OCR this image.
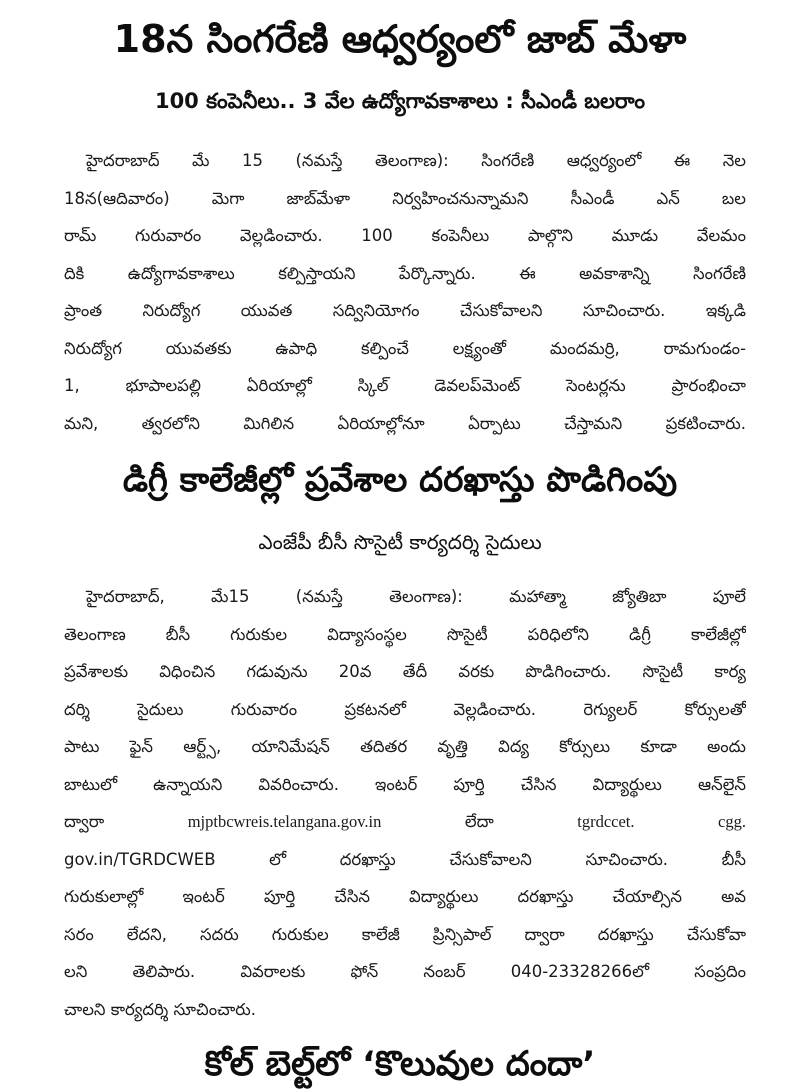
18న సింగరేణి ఆధ్వర్యంలో జాబ్ మేళా
100 కంపెనీలు.. 3 వేల ఉద్యోగావకాశాలు : సీఎండీ బలరాం
హైదరాబాద్ మే 15 (నమస్తే తెలంగాణ): సింగరేణి ఆధ్వర్యంలో ఈ నెల
18న(ఆదివారం) మెగా జాబ్‌మేళా నిర్వహించనున్నామని సీఎండీ ఎన్ బల
రామ్ గురువారం వెల్లడించారు. 100 కంపెనీలు పాల్గొని మూడు వేలమం
దికి ఉద్యోగావకాశాలు కల్పిస్తాయని పేర్కొన్నారు. ఈ అవకాశాన్ని సింగరేణి
ప్రాంత నిరుద్యోగ యువత సద్వినియోగం చేసుకోవాలని సూచించారు. ఇక్కడి
నిరుద్యోగ యువతకు ఉపాధి కల్పించే లక్ష్యంతో మందమర్రి, రామగుండం-
1, భూపాలపల్లి ఏరియాల్లో స్కిల్ డెవలప్‌మెంట్ సెంటర్లను ప్రారంభించా
మని, త్వరలోని మిగిలిన ఏరియాల్లోనూ ఏర్పాటు చేస్తామని ప్రకటించారు.
డిగ్రీ కాలేజీల్లో ప్రవేశాల దరఖాస్తు పొడిగింపు
ఎంజేపీ బీసీ సొసైటీ కార్యదర్శి సైదులు
హైదరాబాద్, మే15 (నమస్తే తెలంగాణ): మహాత్మా జ్యోతిబా పూలే
తెలంగాణ బీసీ గురుకుల విద్యాసంస్థల సొసైటీ పరిధిలోని డిగ్రీ కాలేజీల్లో
ప్రవేశాలకు విధించిన గడువును 20వ తేదీ వరకు పొడిగించారు. సొసైటీ కార్య
దర్శి సైదులు గురువారం ప్రకటనలో వెల్లడించారు. రెగ్యులర్ కోర్సులతో
పాటు ఫైన్ ఆర్ట్స్, యానిమేషన్ తదితర వృత్తి విద్య కోర్సులు కూడా అందు
బాటులో ఉన్నాయని వివరించారు. ఇంటర్ పూర్తి చేసిన విద్యార్థులు ఆన్‌లైన్
ద్వారా mjptbcwreis.telangana.gov.in లేదా tgrdccet. cgg.
gov.in/TGRDCWEB లో దరఖాస్తు చేసుకోవాలని సూచించారు. బీసీ
గురుకులాల్లో ఇంటర్ పూర్తి చేసిన విద్యార్థులు దరఖాస్తు చేయాల్సిన అవ
సరం లేదని, సదరు గురుకుల కాలేజీ ప్రిన్సిపాల్ ద్వారా దరఖాస్తు చేసుకోవా
లని తెలిపారు. వివరాలకు ఫోన్ నంబర్ 040-23328266లో సంప్రదిం
చాలని కార్యదర్శి సూచించారు.
కోల్ బెల్ట్‌లో ‘కొలువుల దందా’
